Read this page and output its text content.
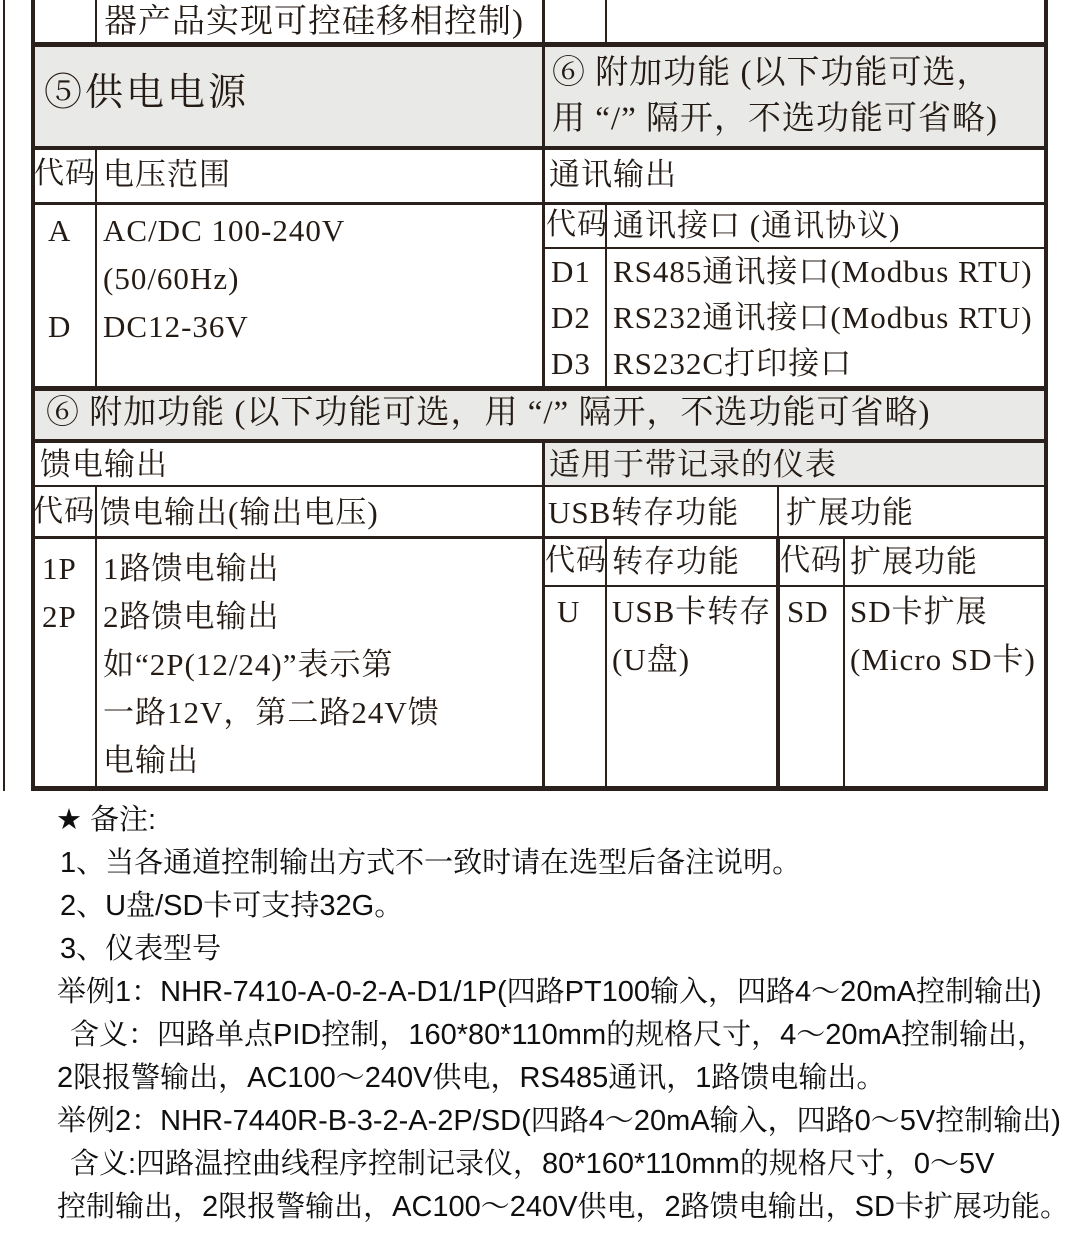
器产品实现可控硅移相控制)
⑤供电电源	⑥ 附加功能 (以下功能可选，
用 “/” 隔开，不选功能可省略)
代码 电压范围
A AC/DC 100-240V
(50/60Hz)
D DC12-36V
通讯输出
代码 通讯接口 (通讯协议)
D1 RS485通讯接口(Modbus RTU)
D2 RS232通讯接口(Modbus RTU)
D3 RS232C打印接口
⑥ 附加功能 (以下功能可选，用 “/” 隔开，不选功能可省略)
馈电输出
代码 馈电输出(输出电压)
1P 1路馈电输出
2P 2路馈电输出
如“2P(12/24)”表示第
一路12V，第二路24V馈
电输出
适用于带记录的仪表
USB转存功能 扩展功能
代码 转存功能 代码 扩展功能
U USB卡转存
(U盘)
SD SD卡扩展
(Micro SD卡)
★ 备注:
1、当各通道控制输出方式不一致时请在选型后备注说明。
2、U盘/SD卡可支持32G。
3、仪表型号
举例1：NHR-7410-A-0-2-A-D1/1P(四路PT100输入，四路4～20mA控制输出)
含义：四路单点PID控制，160*80*110mm的规格尺寸，4～20mA控制输出，
2限报警输出，AC100～240V供电，RS485通讯，1路馈电输出。
举例2：NHR-7440R-B-3-2-A-2P/SD(四路4～20mA输入，四路0～5V控制输出)
含义:四路温控曲线程序控制记录仪，80*160*110mm的规格尺寸，0～5V
控制输出，2限报警输出，AC100～240V供电，2路馈电输出，SD卡扩展功能。
